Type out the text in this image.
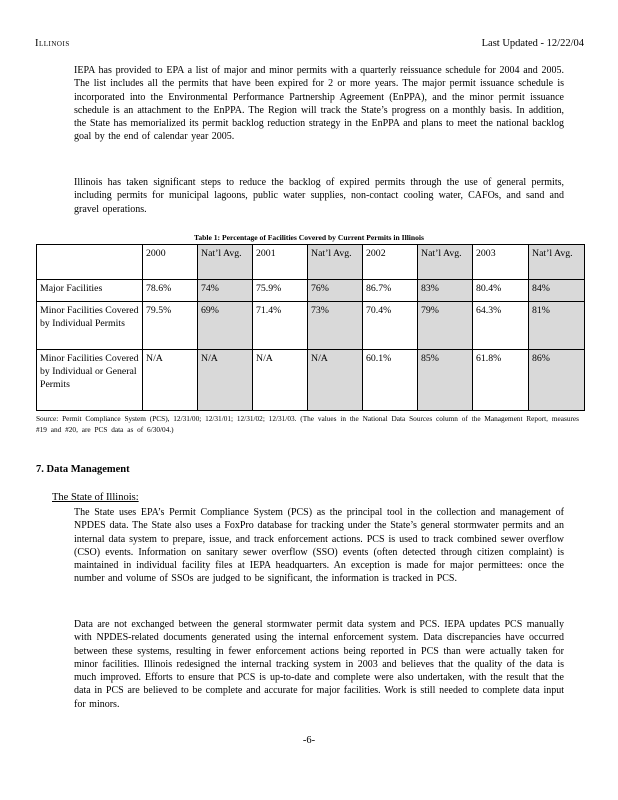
Illinois	Last Updated - 12/22/04

IEPA has provided to EPA a list of major and minor permits with a quarterly reissuance schedule for 2004 and 2005. The list includes all the permits that have been expired for 2 or more years. The major permit issuance schedule is incorporated into the Environmental Performance Partnership Agreement (EnPPA), and the minor permit issuance schedule is an attachment to the EnPPA. The Region will track the State’s progress on a monthly basis. In addition, the State has memorialized its permit backlog reduction strategy in the EnPPA and plans to meet the national backlog goal by the end of calendar year 2005.

Illinois has taken significant steps to reduce the backlog of expired permits through the use of general permits, including permits for municipal lagoons, public water supplies, non-contact cooling water, CAFOs, and sand and gravel operations.

Table 1: Percentage of Facilities Covered by Current Permits in Illinois
	2000	Nat’l Avg.	2001	Nat’l Avg.	2002	Nat’l Avg.	2003	Nat’l Avg.
Major Facilities	78.6%	74%	75.9%	76%	86.7%	83%	80.4%	84%
Minor Facilities Covered by Individual Permits	79.5%	69%	71.4%	73%	70.4%	79%	64.3%	81%
Minor Facilities Covered by Individual or General Permits	N/A	N/A	N/A	N/A	60.1%	85%	61.8%	86%

Source: Permit Compliance System (PCS), 12/31/00; 12/31/01; 12/31/02; 12/31/03. (The values in the National Data Sources column of the Management Report, measures #19 and #20, are PCS data as of 6/30/04.)

7. Data Management
The State of Illinois:

The State uses EPA’s Permit Compliance System (PCS) as the principal tool in the collection and management of NPDES data. The State also uses a FoxPro database for tracking under the State’s general stormwater permits and an internal data system to prepare, issue, and track enforcement actions. PCS is used to track combined sewer overflow (CSO) events. Information on sanitary sewer overflow (SSO) events (often detected through citizen complaint) is maintained in individual facility files at IEPA headquarters. An exception is made for major permittees: once the number and volume of SSOs are judged to be significant, the information is tracked in PCS.

Data are not exchanged between the general stormwater permit data system and PCS. IEPA updates PCS manually with NPDES-related documents generated using the internal enforcement system. Data discrepancies have occurred between these systems, resulting in fewer enforcement actions being reported in PCS than were actually taken for minor facilities. Illinois redesigned the internal tracking system in 2003 and believes that the quality of the data is much improved. Efforts to ensure that PCS is up-to-date and complete were also undertaken, with the result that the data in PCS are believed to be complete and accurate for major facilities. Work is still needed to complete data input for minors.

-6-
